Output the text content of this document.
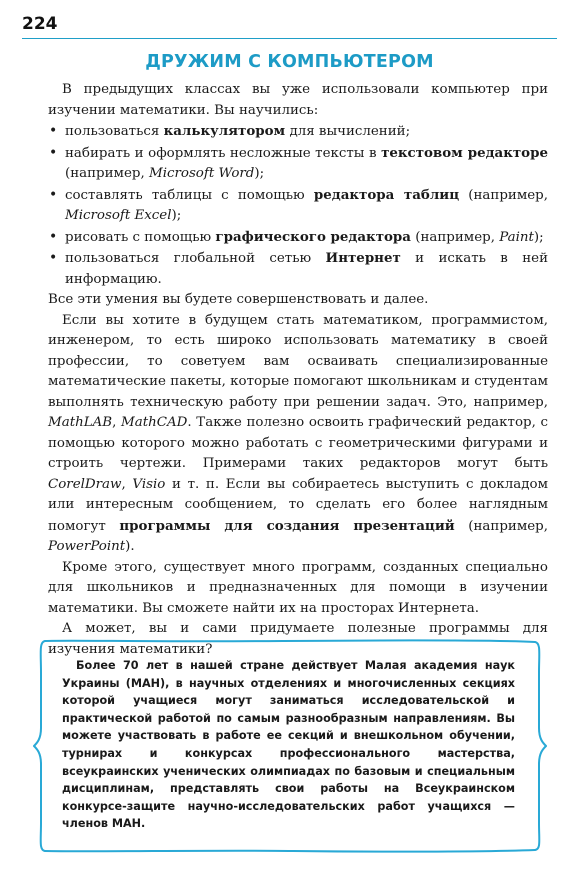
224
ДРУЖИМ С КОМПЬЮТЕРОМ

В предыдущих классах вы уже использовали компьютер при изучении математики. Вы научились:

• пользоваться калькулятором для вычислений;
• набирать и оформлять несложные тексты в текстовом редакторе (например, Microsoft Word);
• составлять таблицы с помощью редактора таблиц (например, Microsoft Excel);
• рисовать с помощью графического редактора (например, Paint);
• пользоваться глобальной сетью Интернет и искать в ней информацию.

Все эти умения вы будете совершенствовать и далее.

Если вы хотите в будущем стать математиком, программистом, инженером, то есть широко использовать математику в своей профессии, то советуем вам осваивать специализированные математические пакеты, которые помогают школьникам и студентам выполнять техническую работу при решении задач. Это, например, MathLAB, MathCAD. Также полезно освоить графический редактор, с помощью которого можно работать с геометрическими фигурами и строить чертежи. Примерами таких редакторов могут быть CorelDraw, Visio и т. п. Если вы собираетесь выступить с докладом или интересным сообщением, то сделать его более наглядным помогут программы для создания презентаций (например, PowerPoint).

Кроме этого, существует много программ, созданных специально для школьников и предназначенных для помощи в изучении математики. Вы сможете найти их на просторах Интернета.

А может, вы и сами придумаете полезные программы для изучения математики?

Более 70 лет в нашей стране действует Малая академия наук Украины (МАН), в научных отделениях и многочисленных секциях которой учащиеся могут заниматься исследовательской и практической работой по самым разнообразным направлениям. Вы можете участвовать в работе ее секций и внешкольном обучении, турнирах и конкурсах профессионального мастерства, всеукраинских ученических олимпиадах по базовым и специальным дисциплинам, представлять свои работы на Всеукраинском конкурсе-защите научно-исследовательских работ учащихся — членов МАН.
